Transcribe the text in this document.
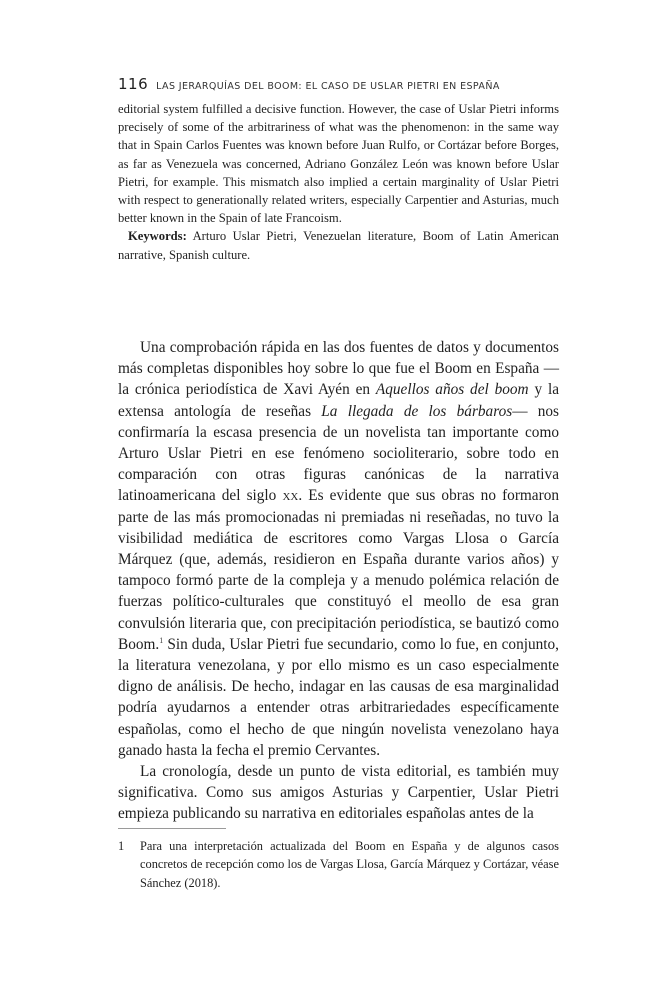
116 LAS JERARQUÍAS DEL BOOM: EL CASO DE USLAR PIETRI EN ESPAÑA

editorial system fulfilled a decisive function. However, the case of Uslar Pietri informs precisely of some of the arbitrariness of what was the phenomenon: in the same way that in Spain Carlos Fuentes was known before Juan Rulfo, or Cortázar before Borges, as far as Venezuela was concerned, Adriano González León was known before Uslar Pietri, for example. This mismatch also implied a certain marginality of Uslar Pietri with respect to generationally related writers, especially Carpentier and Asturias, much better known in the Spain of late Francoism.

Keywords: Arturo Uslar Pietri, Venezuelan literature, Boom of Latin American narrative, Spanish culture.

Una comprobación rápida en las dos fuentes de datos y documentos más completas disponibles hoy sobre lo que fue el Boom en España —la crónica periodística de Xavi Ayén en Aquellos años del boom y la extensa antología de reseñas La llegada de los bárbaros— nos confirmaría la escasa presencia de un novelista tan importante como Arturo Uslar Pietri en ese fenómeno socioliterario, sobre todo en comparación con otras figuras canónicas de la narrativa latinoamericana del siglo xx. Es evidente que sus obras no formaron parte de las más promocionadas ni premiadas ni reseñadas, no tuvo la visibilidad mediática de escritores como Vargas Llosa o García Márquez (que, además, residieron en España durante varios años) y tampoco formó parte de la compleja y a menudo polémica relación de fuerzas político-culturales que constituyó el meollo de esa gran convulsión literaria que, con precipitación periodística, se bautizó como Boom.$^1$ Sin duda, Uslar Pietri fue secundario, como lo fue, en conjunto, la literatura venezolana, y por ello mismo es un caso especialmente digno de análisis. De hecho, indagar en las causas de esa marginalidad podría ayudarnos a entender otras arbitrariedades específicamente españolas, como el hecho de que ningún novelista venezolano haya ganado hasta la fecha el premio Cervantes.

La cronología, desde un punto de vista editorial, es también muy significativa. Como sus amigos Asturias y Carpentier, Uslar Pietri empieza publicando su narrativa en editoriales españolas antes de la

1	Para una interpretación actualizada del Boom en España y de algunos casos concretos de recepción como los de Vargas Llosa, García Márquez y Cortázar, véase Sánchez (2018).
